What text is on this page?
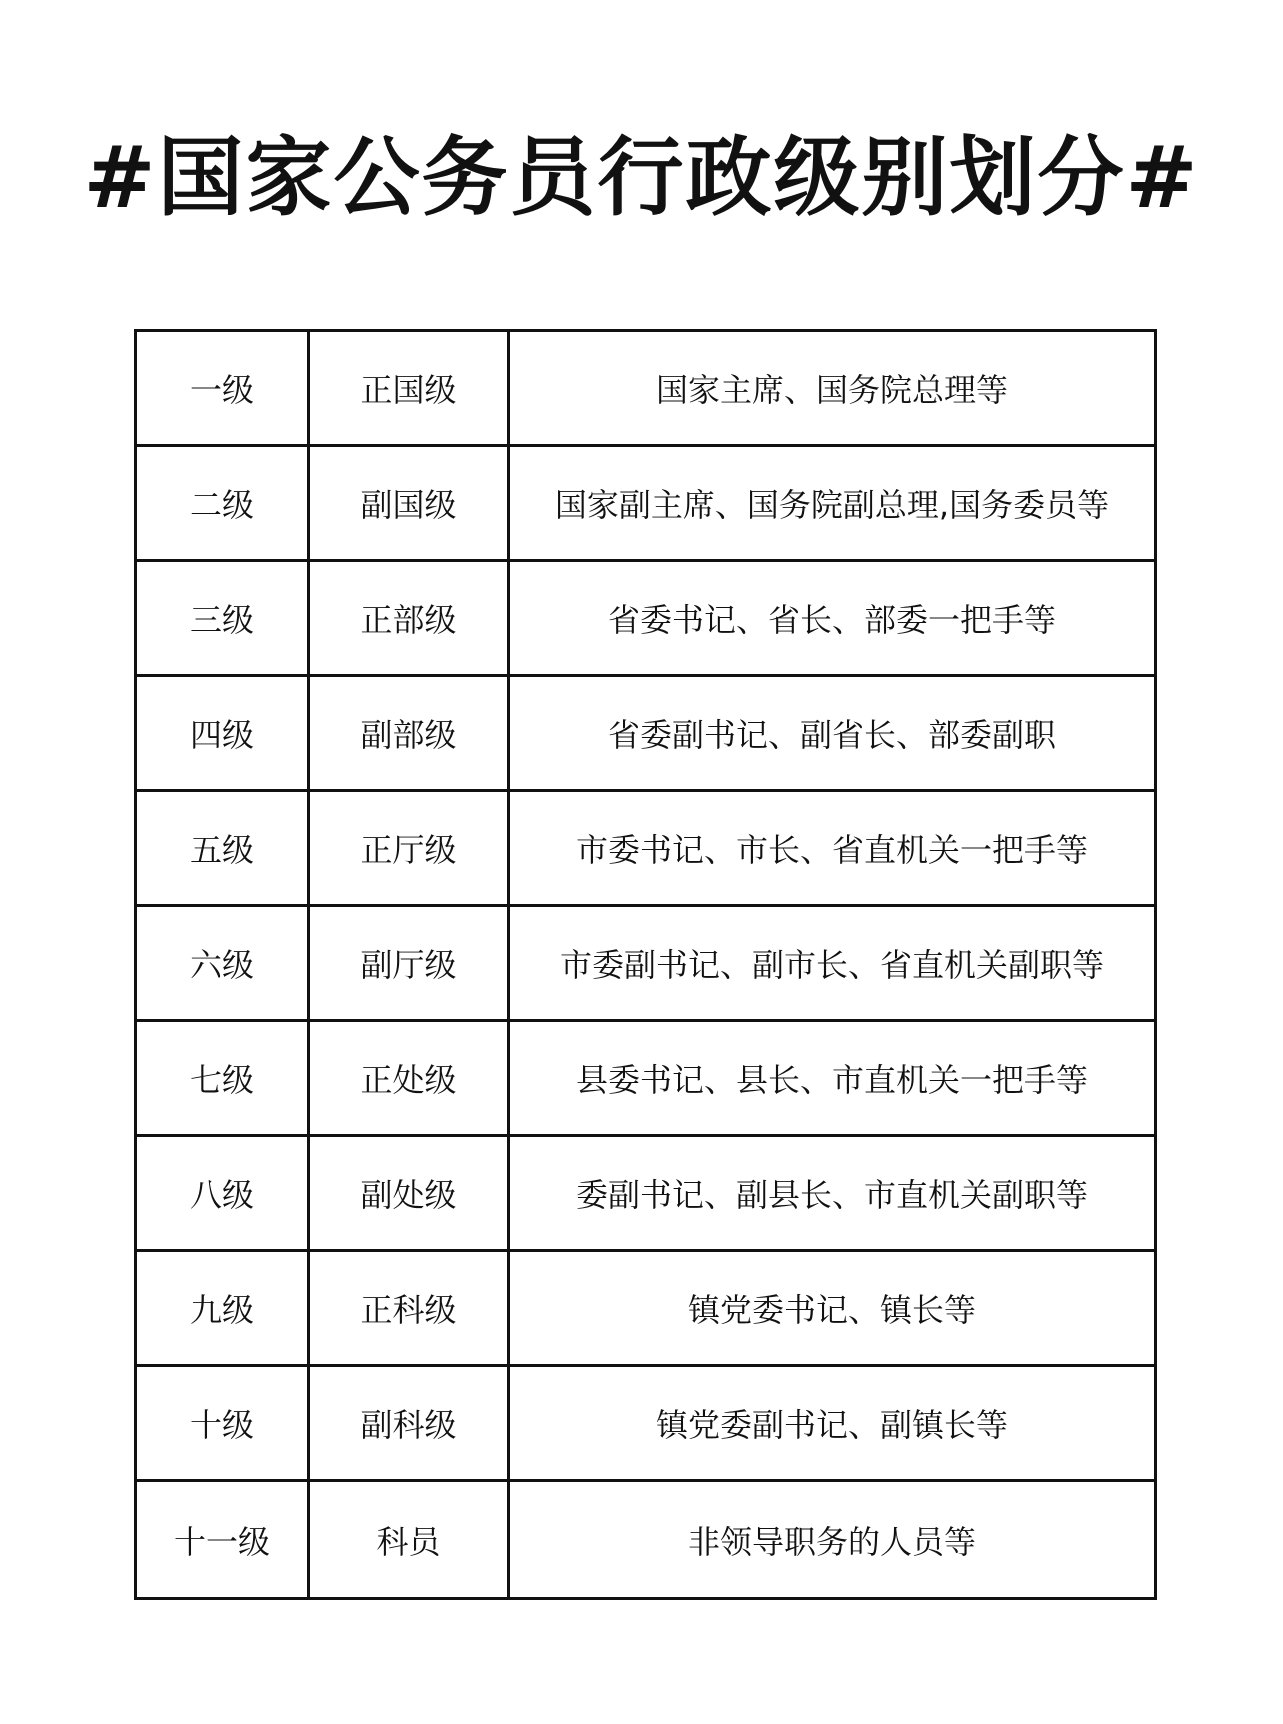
#国家公务员行政级别划分#
一级	正国级	国家主席、国务院总理等
二级	副国级	国家副主席、国务院副总理,国务委员等
三级	正部级	省委书记、省长、部委一把手等
四级	副部级	省委副书记、副省长、部委副职
五级	正厅级	市委书记、市长、省直机关一把手等
六级	副厅级	市委副书记、副市长、省直机关副职等
七级	正处级	县委书记、县长、市直机关一把手等
八级	副处级	委副书记、副县长、市直机关副职等
九级	正科级	镇党委书记、镇长等
十级	副科级	镇党委副书记、副镇长等
十一级	科员	非领导职务的人员等
